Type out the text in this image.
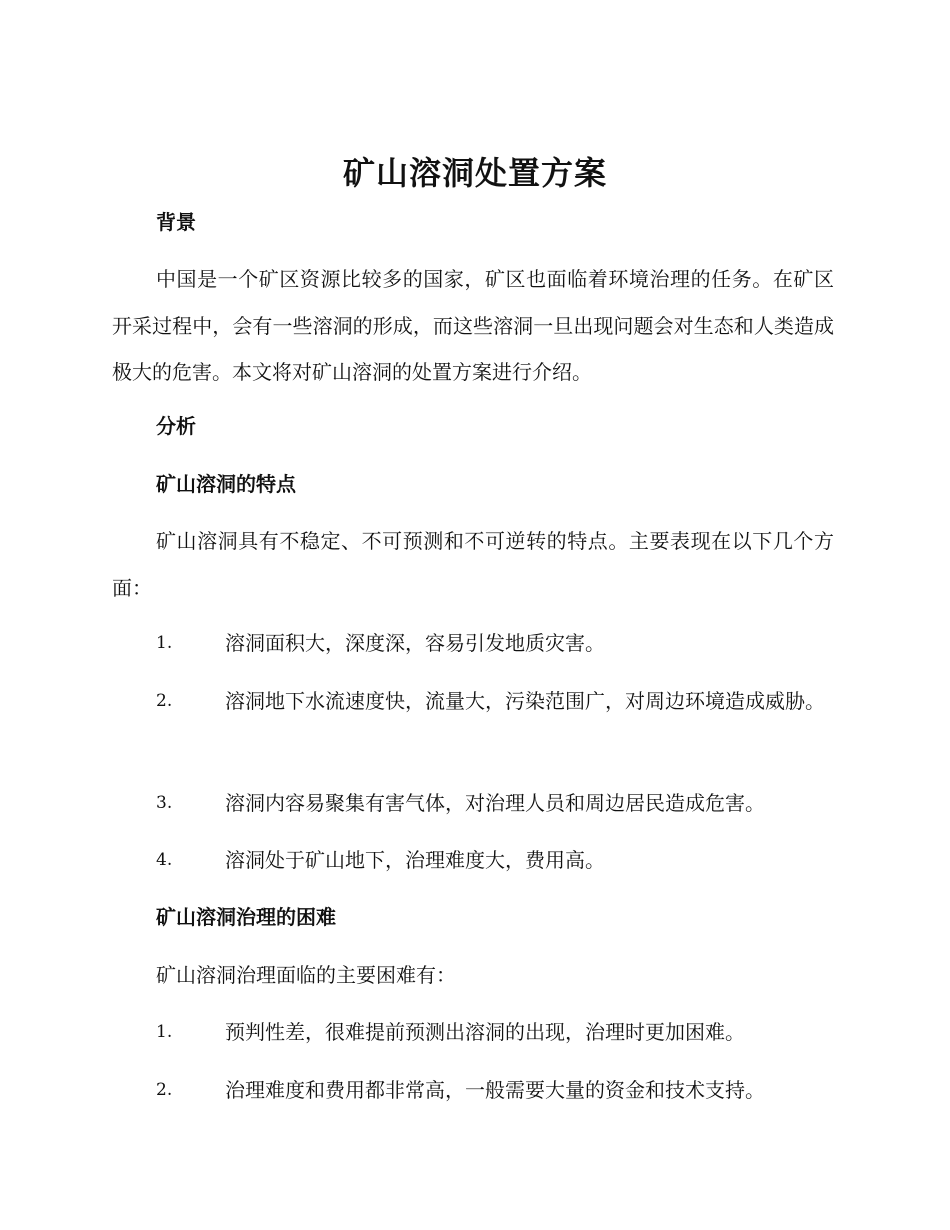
矿山溶洞处置方案
背景
中国是一个矿区资源比较多的国家，矿区也面临着环境治理的任务。在矿区开采过程中，会有一些溶洞的形成，而这些溶洞一旦出现问题会对生态和人类造成极大的危害。本文将对矿山溶洞的处置方案进行介绍。
分析
矿山溶洞的特点
矿山溶洞具有不稳定、不可预测和不可逆转的特点。主要表现在以下几个方面：
1.	溶洞面积大，深度深，容易引发地质灾害。
2.	溶洞地下水流速度快，流量大，污染范围广，对周边环境造成威胁。
3.	溶洞内容易聚集有害气体，对治理人员和周边居民造成危害。
4.	溶洞处于矿山地下，治理难度大，费用高。
矿山溶洞治理的困难
矿山溶洞治理面临的主要困难有：
1.	预判性差，很难提前预测出溶洞的出现，治理时更加困难。
2.	治理难度和费用都非常高，一般需要大量的资金和技术支持。
